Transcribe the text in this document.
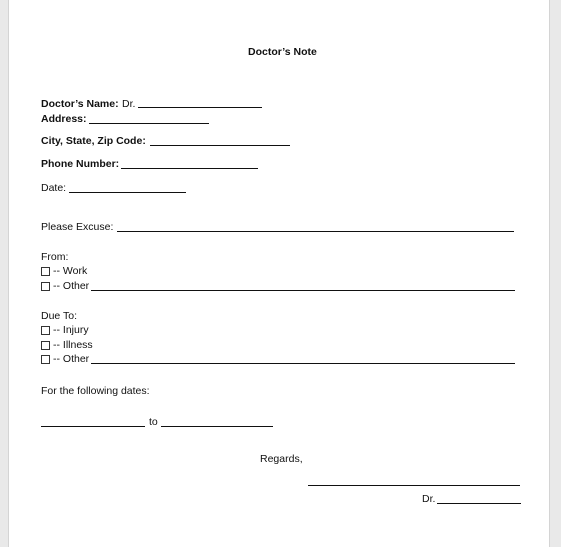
Doctor’s Note
Doctor’s Name: Dr.
Address:
City, State, Zip Code:
Phone Number:
Date:
Please Excuse:
From:
-- Work
-- Other
Due To:
-- Injury
-- Illness
-- Other
For the following dates:
to
Regards,
Dr.
